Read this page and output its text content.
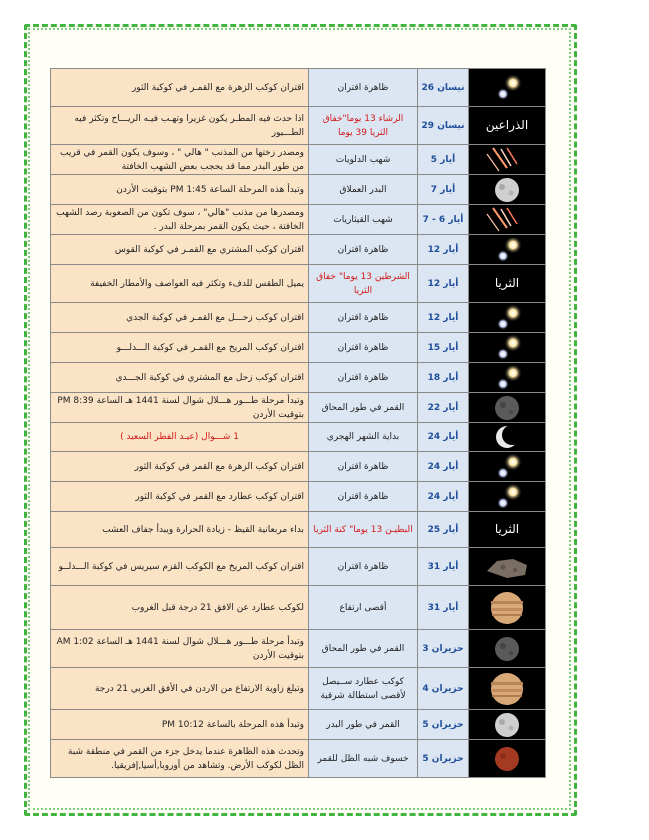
	نيسان 26	ظاهرة اقتران	اقتران كوكب الزهرة مع القمـر في كوكبة الثور
الذراعين	نيسان 29	الرشاء 13 يوما"خفاق الثريا 39 يوما	اذا حدث فيه المطـر يكون غزيرا وتهـب فيـه الريـــاح وتكثر فيه الطـــيور

	أيار 5	شهب الدلويات	ومصدر زختها من المذنب " هالي " ، وسوف يكون القمر في قريب من طور البدر مما قد يحجب بعض الشهب الخافتة

	أيار 7	البدر العملاق	وتبدأ هذه المرحلة الساعة 1:45 PM بتوقيت الأردن

	أيار 6 - 7	شهب القيثاريات	ومصدرها من مذنب "هالي" ، سوف تكون من الصعوبة رصد الشهب الخافتة ، حيث يكون القمر بمرحلة البدر .

	أيار 12	ظاهرة اقتران	اقتران كوكب المشتري مع القمـر في كوكبة القوس
الثريا	أيار 12	الشرطين 13 يوما" خفاق الثريا	يميل الطقس للدفء وتكثر فيه العواصف والأمطار الخفيفة

	أيار 12	ظاهرة اقتران	اقتران كوكب زحـــل مع القمـر في كوكبة الجدي

	أيار 15	ظاهرة اقتران	اقتران كوكب المريخ مع القمـر في كوكبة الـــدلـــو

	أيار 18	ظاهرة اقتران	اقتران كوكب زحل مع المشتري في كوكبة الجـــدي

	أيار 22	القمر في طور المحاق	وتبدأ مرحلة طـــور هـــلال شوال لسنة 1441 هـ الساعة 8:39 PM بتوقيت الأردن

	أيار 24	بداية الشهر الهجري	1 شـــوال (عيـد الفطر السعيد )

	أيار 24	ظاهرة اقتران	اقتران كوكب الزهرة مع القمر في كوكبة الثور

	أيار 24	ظاهرة اقتران	اقتران كوكب عطارد مع القمر في كوكبة الثور
الثريا	أيار 25	البطيـن 13 يوما" كنة الثريا	بداء مربعانية القيظ - زيادة الحرارة ويبدأ جفاف العشب

	أيار 31	ظاهرة اقتران	اقتران كوكب المريخ مع الكوكب القزم سيريس في كوكبة الـــدلــو

	أيار 31	أقصى ارتفاع	لكوكب عطارد عن الافق 21 درجة قبل الغروب

	حزيران 3	القمر في طور المحاق	وتبدأ مرحلة طـــور هـــلال شوال لسنة 1441 هـ الساعة 1:02 AM بتوقيت الأردن

	حزيران 4	كوكب عطارد ســيصل لأقصى استطالة شرقية	وتبلغ زاوية الارتفاع من الاردن في الأفق الغربي 21 درجة

	حزيران 5	القمر في طور البدر	وتبدأ هذه المرحلة بالساعة 10:12 PM

	حزيران 5	خسوف شبه الظل للقمر	وتحدث هذه الظاهرة عندما يدخل جزء من القمر في منطقة شبة الظل لكوكب الأرض. وتشاهد من أوروبا,أسيا,إفريقيا.
